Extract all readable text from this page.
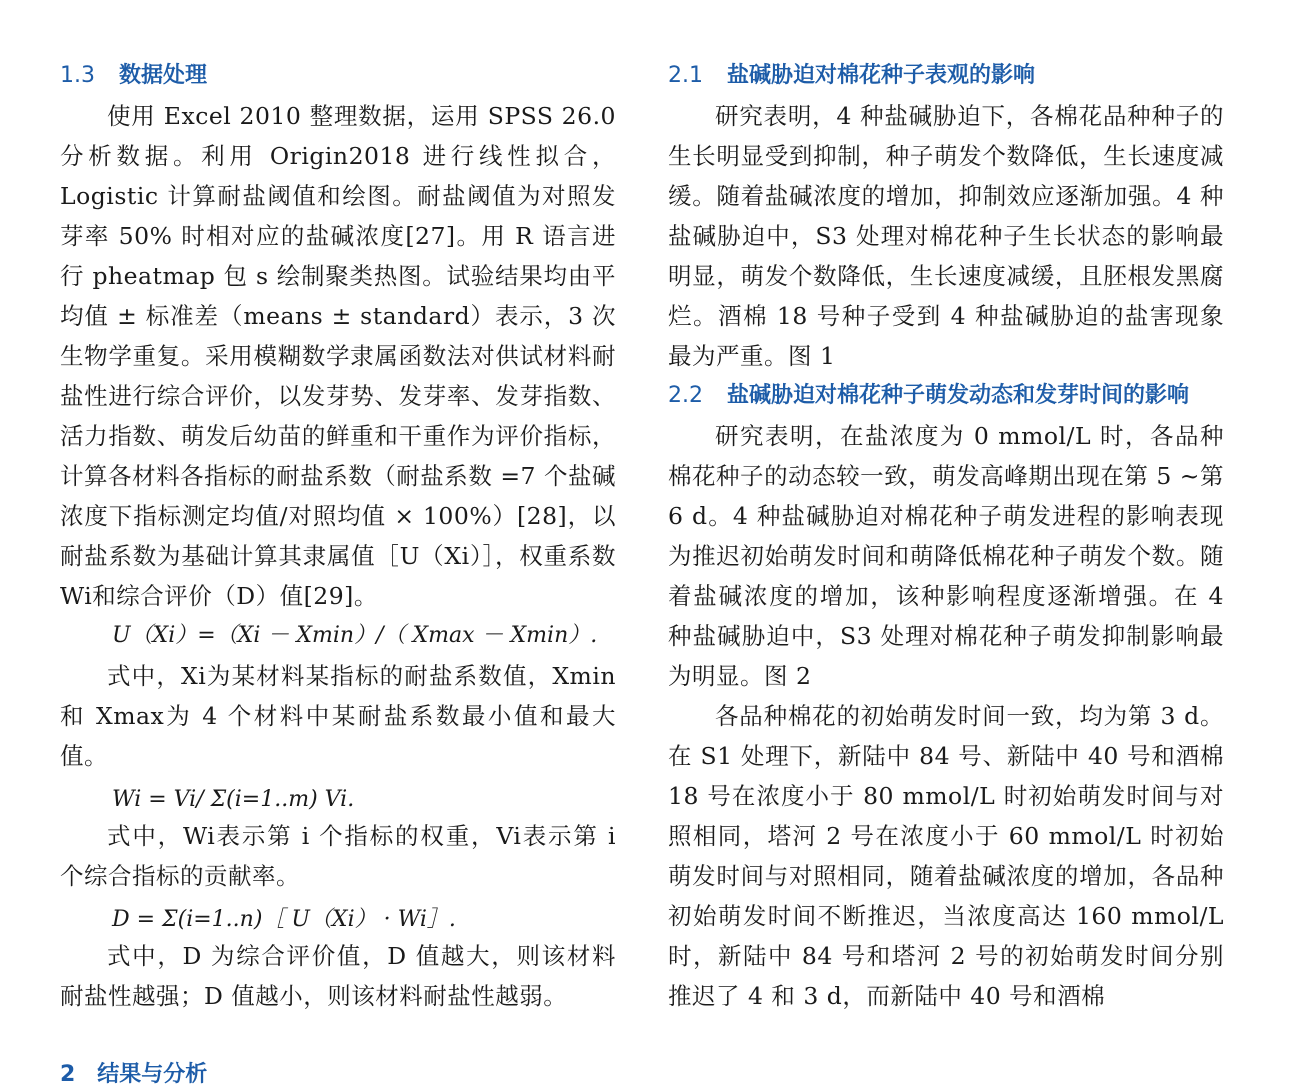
1.3 数据处理

使用 Excel 2010 整理数据，运用 SPSS 26.0 分析数据。利用 Origin2018 进行线性拟合，Logistic 计算耐盐阈值和绘图。耐盐阈值为对照发芽率 50% 时相对应的盐碱浓度[27]。用 R 语言进行 pheatmap 包 s 绘制聚类热图。试验结果均由平均值 ± 标准差（means ± standard）表示，3 次生物学重复。采用模糊数学隶属函数法对供试材料耐盐性进行综合评价，以发芽势、发芽率、发芽指数、活力指数、萌发后幼苗的鲜重和干重作为评价指标，计算各材料各指标的耐盐系数（耐盐系数 =7 个盐碱浓度下指标测定均值/对照均值 × 100%）[28]，以耐盐系数为基础计算其隶属值［U（Xi）］，权重系数 Wi和综合评价（D）值[29]。

U（Xi）=（Xi － Xmin）/（ Xmax － Xmin）.

式中，Xi为某材料某指标的耐盐系数值，Xmin和 Xmax为 4 个材料中某耐盐系数最小值和最大值。

Wi = Vi/ Σ(i=1..m) Vi.

式中，Wi表示第 i 个指标的权重，Vi表示第 i 个综合指标的贡献率。

D = Σ(i=1..n)［ U（Xi） · Wi］.

式中，D 为综合评价值，D 值越大，则该材料耐盐性越强；D 值越小，则该材料耐盐性越弱。

2　结果与分析
2.1 盐碱胁迫对棉花种子表观的影响

研究表明，4 种盐碱胁迫下，各棉花品种种子的生长明显受到抑制，种子萌发个数降低，生长速度减缓。随着盐碱浓度的增加，抑制效应逐渐加强。4 种盐碱胁迫中，S3 处理对棉花种子生长状态的影响最明显，萌发个数降低，生长速度减缓，且胚根发黑腐烂。酒棉 18 号种子受到 4 种盐碱胁迫的盐害现象最为严重。图 1

2.2 盐碱胁迫对棉花种子萌发动态和发芽时间的影响

研究表明，在盐浓度为 0 mmol/L 时，各品种棉花种子的动态较一致，萌发高峰期出现在第 5 ~第 6 d。4 种盐碱胁迫对棉花种子萌发进程的影响表现为推迟初始萌发时间和萌降低棉花种子萌发个数。随着盐碱浓度的增加，该种影响程度逐渐增强。在 4 种盐碱胁迫中，S3 处理对棉花种子萌发抑制影响最为明显。图 2

各品种棉花的初始萌发时间一致，均为第 3 d。在 S1 处理下，新陆中 84 号、新陆中 40 号和酒棉 18 号在浓度小于 80 mmol/L 时初始萌发时间与对照相同，塔河 2 号在浓度小于 60 mmol/L 时初始萌发时间与对照相同，随着盐碱浓度的增加，各品种初始萌发时间不断推迟，当浓度高达 160 mmol/L 时，新陆中 84 号和塔河 2 号的初始萌发时间分别推迟了 4 和 3 d，而新陆中 40 号和酒棉
